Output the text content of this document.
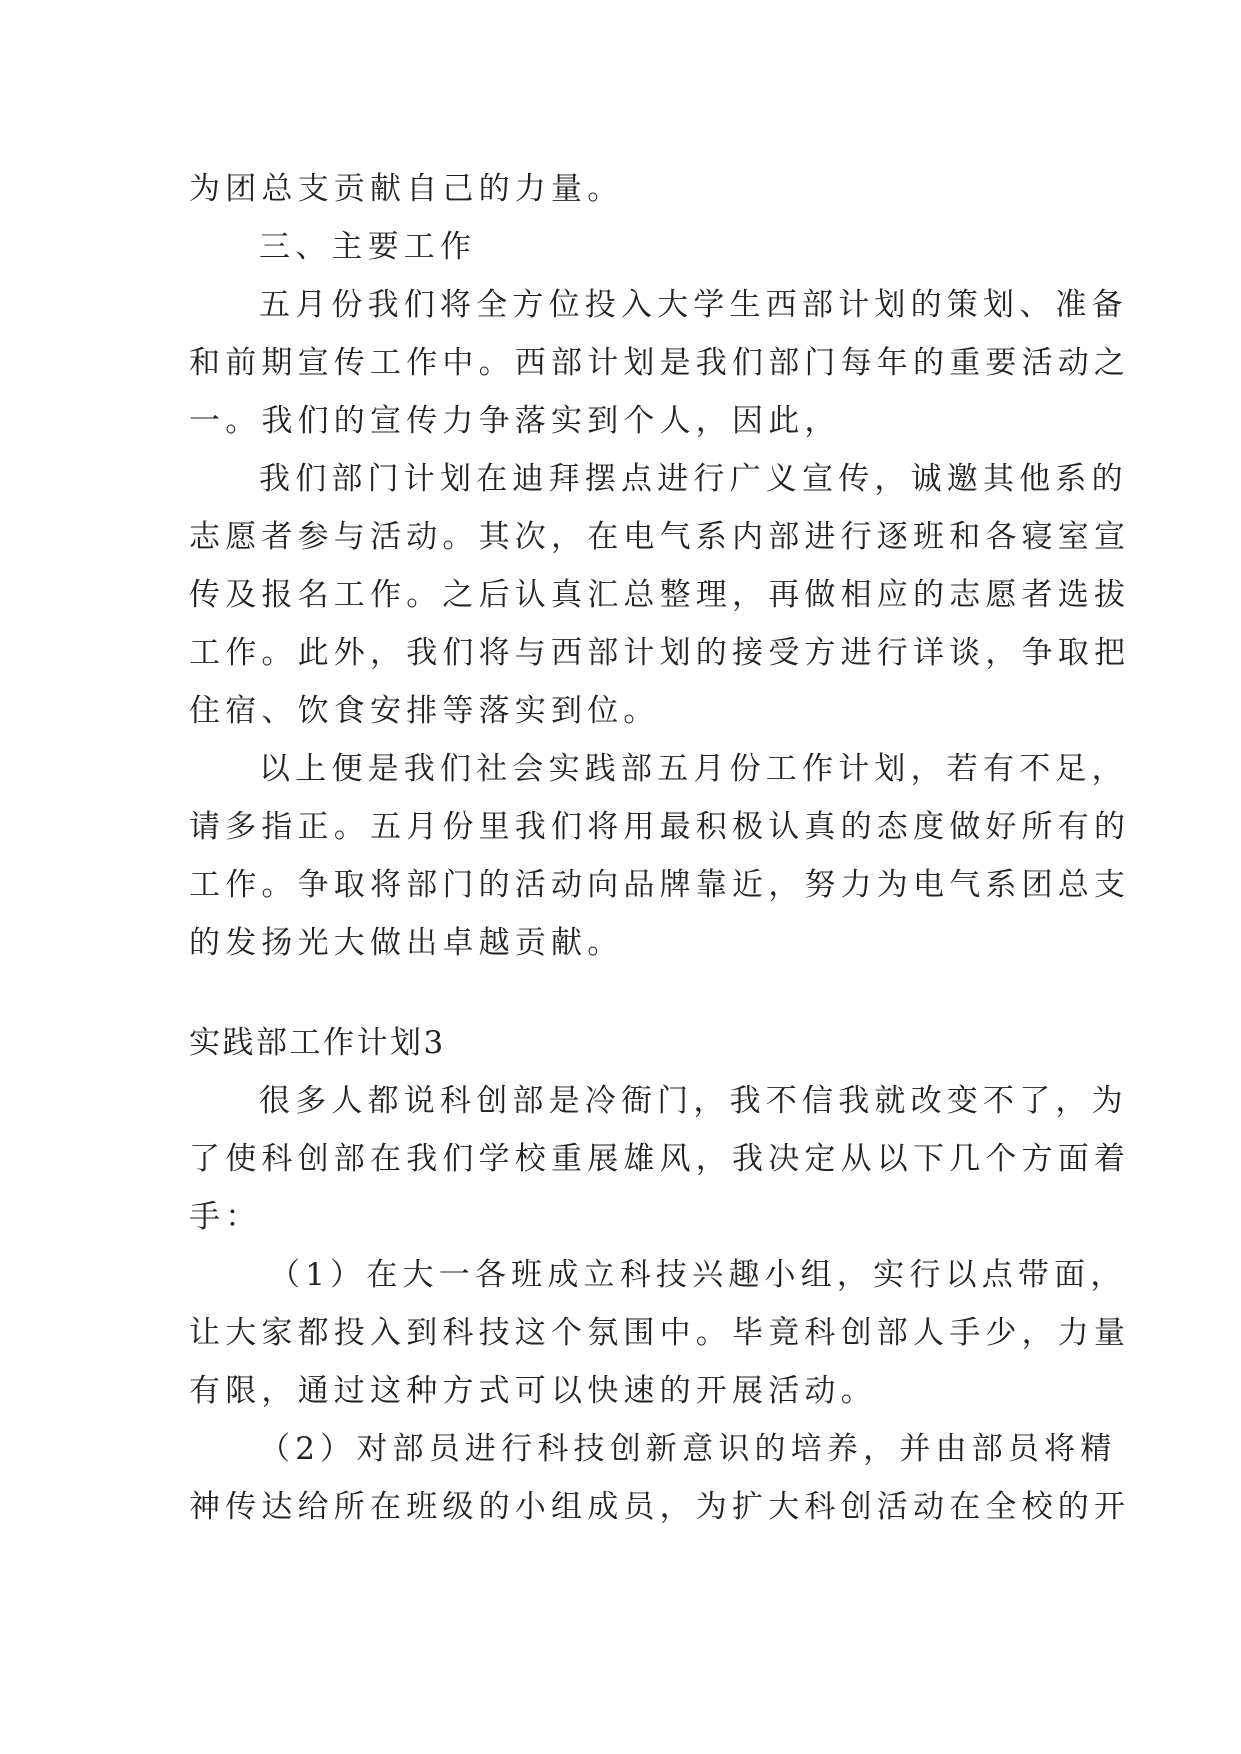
为团总支贡献自己的力量。
三、主要工作
五月份我们将全方位投入大学生西部计划的策划、准备
和前期宣传工作中。西部计划是我们部门每年的重要活动之
一。我们的宣传力争落实到个人，因此，
我们部门计划在迪拜摆点进行广义宣传，诚邀其他系的
志愿者参与活动。其次，在电气系内部进行逐班和各寝室宣
传及报名工作。之后认真汇总整理，再做相应的志愿者选拔
工作。此外，我们将与西部计划的接受方进行详谈，争取把
住宿、饮食安排等落实到位。
以上便是我们社会实践部五月份工作计划，若有不足，
请多指正。五月份里我们将用最积极认真的态度做好所有的
工作。争取将部门的活动向品牌靠近，努力为电气系团总支
的发扬光大做出卓越贡献。
实践部工作计划3
很多人都说科创部是冷衙门，我不信我就改变不了，为
了使科创部在我们学校重展雄风，我决定从以下几个方面着
手：
（1）在大一各班成立科技兴趣小组，实行以点带面，
让大家都投入到科技这个氛围中。毕竟科创部人手少，力量
有限，通过这种方式可以快速的开展活动。
（2）对部员进行科技创新意识的培养，并由部员将精
神传达给所在班级的小组成员，为扩大科创活动在全校的开
